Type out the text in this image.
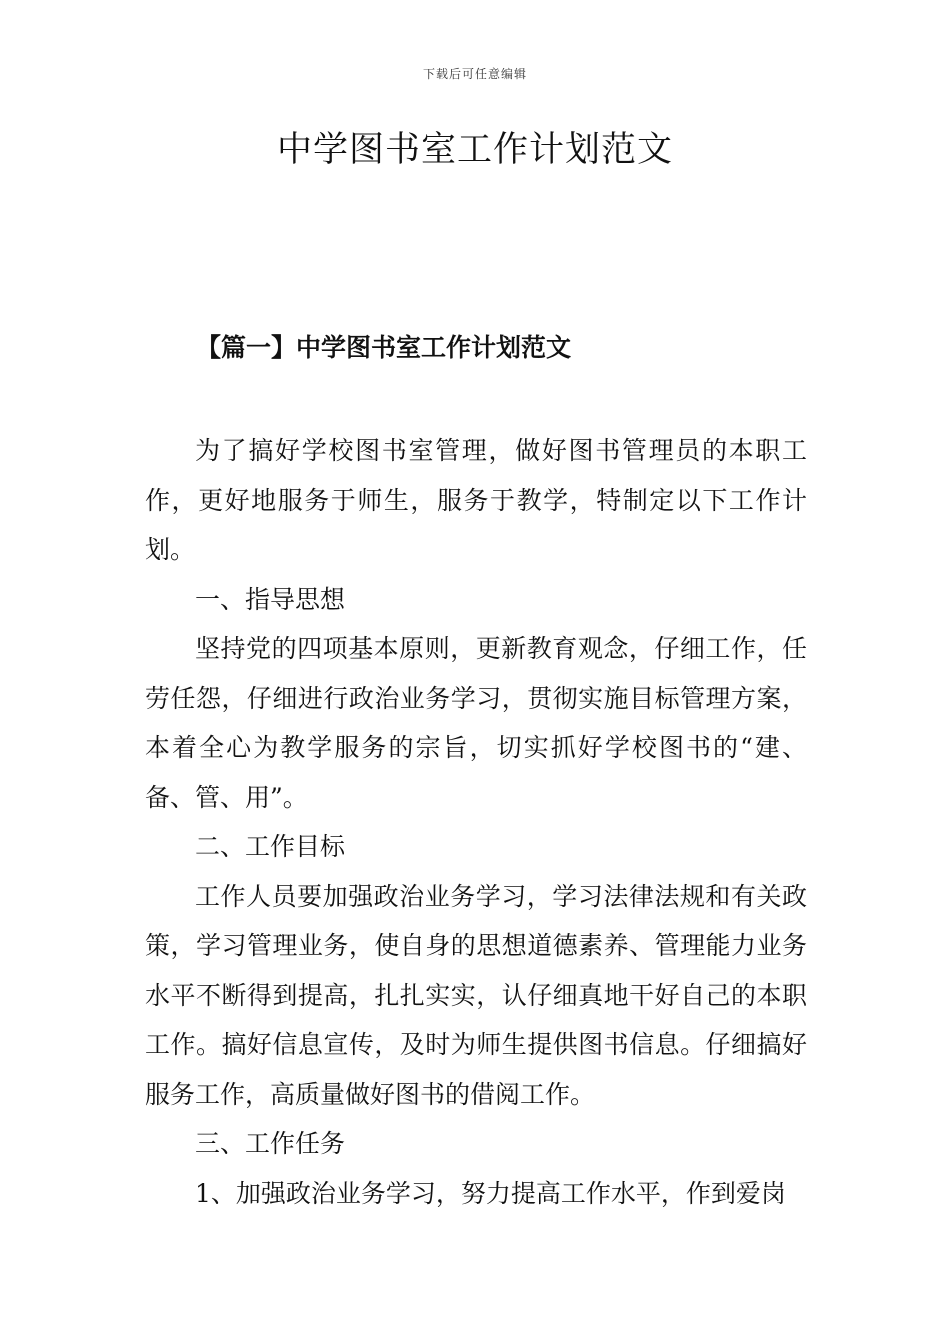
下载后可任意编辑
中学图书室工作计划范文
【篇一】中学图书室工作计划范文

为了搞好学校图书室管理，做好图书管理员的本职工作，更好地服务于师生，服务于教学，特制定以下工作计划。

一、指导思想

坚持党的四项基本原则，更新教育观念，仔细工作，任劳任怨，仔细进行政治业务学习，贯彻实施目标管理方案，本着全心为教学服务的宗旨，切实抓好学校图书的“建、备、管、用”。

二、工作目标

工作人员要加强政治业务学习，学习法律法规和有关政策，学习管理业务，使自身的思想道德素养、管理能力业务水平不断得到提高，扎扎实实，认仔细真地干好自己的本职工作。搞好信息宣传，及时为师生提供图书信息。仔细搞好服务工作，高质量做好图书的借阅工作。

三、工作任务

1、加强政治业务学习，努力提高工作水平，作到爱岗
